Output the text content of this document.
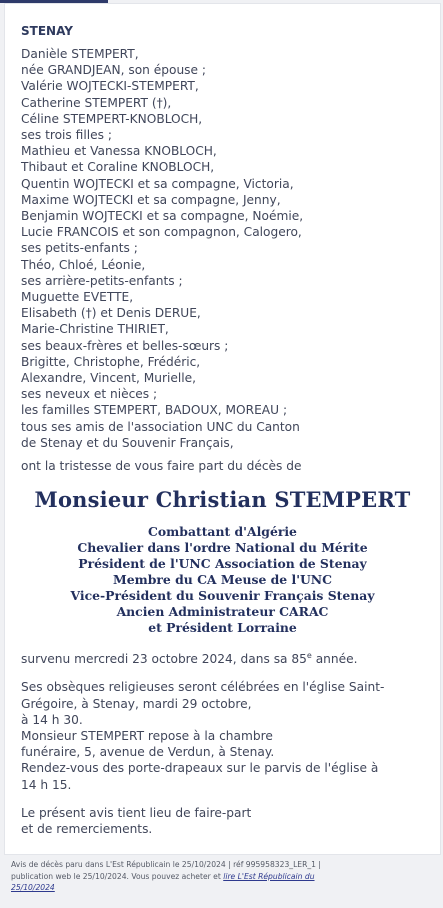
STENAY
Danièle STEMPERT,
née GRANDJEAN, son épouse ;
Valérie WOJTECKI-STEMPERT,
Catherine STEMPERT (†),
Céline STEMPERT-KNOBLOCH,
ses trois filles ;
Mathieu et Vanessa KNOBLOCH,
Thibaut et Coraline KNOBLOCH,
Quentin WOJTECKI et sa compagne, Victoria,
Maxime WOJTECKI et sa compagne, Jenny,
Benjamin WOJTECKI et sa compagne, Noémie,
Lucie FRANCOIS et son compagnon, Calogero,
ses petits-enfants ;
Théo, Chloé, Léonie,
ses arrière-petits-enfants ;
Muguette EVETTE,
Elisabeth (†) et Denis DERUE,
Marie-Christine THIRIET,
ses beaux-frères et belles-sœurs ;
Brigitte, Christophe, Frédéric,
Alexandre, Vincent, Murielle,
ses neveux et nièces ;
les familles STEMPERT, BADOUX, MOREAU ;
tous ses amis de l'association UNC du Canton
de Stenay et du Souvenir Français,
ont la tristesse de vous faire part du décès de
Monsieur Christian STEMPERT
Combattant d'Algérie
Chevalier dans l'ordre National du Mérite
Président de l'UNC Association de Stenay
Membre du CA Meuse de l'UNC
Vice-Président du Souvenir Français Stenay
Ancien Administrateur CARAC
et Président Lorraine
survenu mercredi 23 octobre 2024, dans sa 85e année.
Ses obsèques religieuses seront célébrées en l'église Saint-
Grégoire, à Stenay, mardi 29 octobre,
à 14 h 30.
Monsieur STEMPERT repose à la chambre
funéraire, 5, avenue de Verdun, à Stenay.
Rendez-vous des porte-drapeaux sur le parvis de l'église à
14 h 15.
Le présent avis tient lieu de faire-part
et de remerciements.
Avis de décès paru dans L'Est Républicain le 25/10/2024 | réf 995958323_LER_1 |
publication web le 25/10/2024. Vous pouvez acheter et lire L'Est Républicain du
25/10/2024
